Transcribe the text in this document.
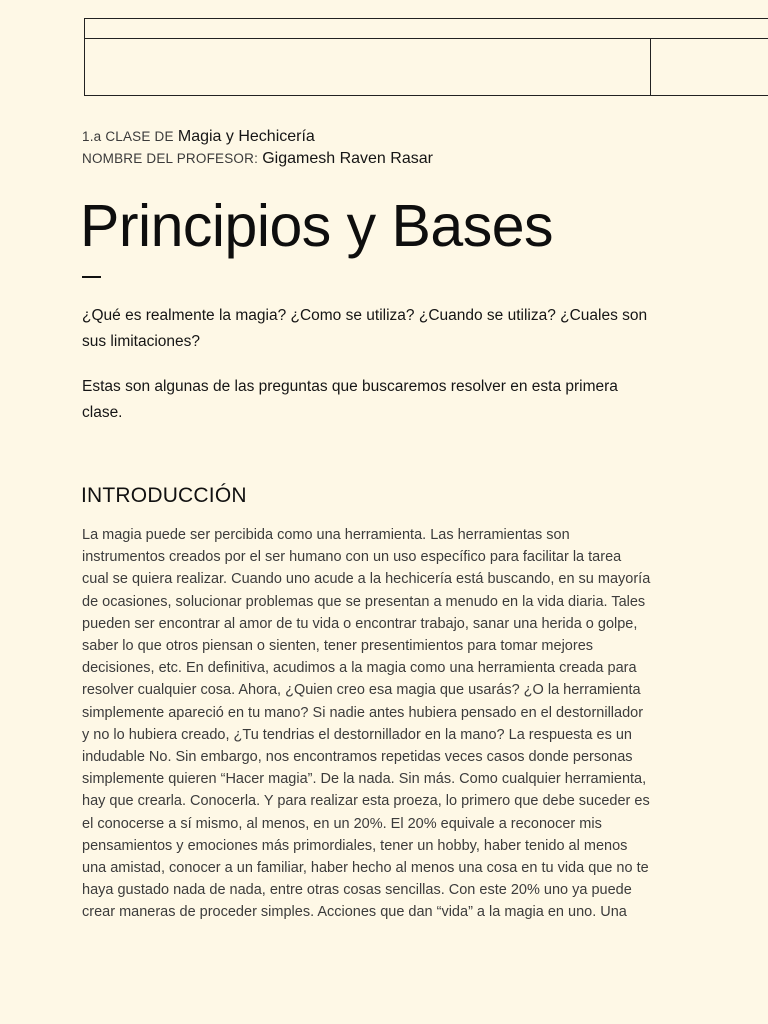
1.a CLASE DE Magia y Hechicería
NOMBRE DEL PROFESOR: Gigamesh Raven Rasar
Principios y Bases

¿Qué es realmente la magia? ¿Como se utiliza? ¿Cuando se utiliza? ¿Cuales son
sus limitaciones?

Estas son algunas de las preguntas que buscaremos resolver en esta primera
clase.

INTRODUCCIÓN

La magia puede ser percibida como una herramienta. Las herramientas son
instrumentos creados por el ser humano con un uso específico para facilitar la tarea
cual se quiera realizar. Cuando uno acude a la hechicería está buscando, en su mayoría
de ocasiones, solucionar problemas que se presentan a menudo en la vida diaria. Tales
pueden ser encontrar al amor de tu vida o encontrar trabajo, sanar una herida o golpe,
saber lo que otros piensan o sienten, tener presentimientos para tomar mejores
decisiones, etc. En definitiva, acudimos a la magia como una herramienta creada para
resolver cualquier cosa. Ahora, ¿Quien creo esa magia que usarás? ¿O la herramienta
simplemente apareció en tu mano? Si nadie antes hubiera pensado en el destornillador
y no lo hubiera creado, ¿Tu tendrias el destornillador en la mano? La respuesta es un
indudable No. Sin embargo, nos encontramos repetidas veces casos donde personas
simplemente quieren “Hacer magia”. De la nada. Sin más. Como cualquier herramienta,
hay que crearla. Conocerla. Y para realizar esta proeza, lo primero que debe suceder es
el conocerse a sí mismo, al menos, en un 20%. El 20% equivale a reconocer mis
pensamientos y emociones más primordiales, tener un hobby, haber tenido al menos
una amistad, conocer a un familiar, haber hecho al menos una cosa en tu vida que no te
haya gustado nada de nada, entre otras cosas sencillas. Con este 20% uno ya puede
crear maneras de proceder simples. Acciones que dan “vida” a la magia en uno. Una
